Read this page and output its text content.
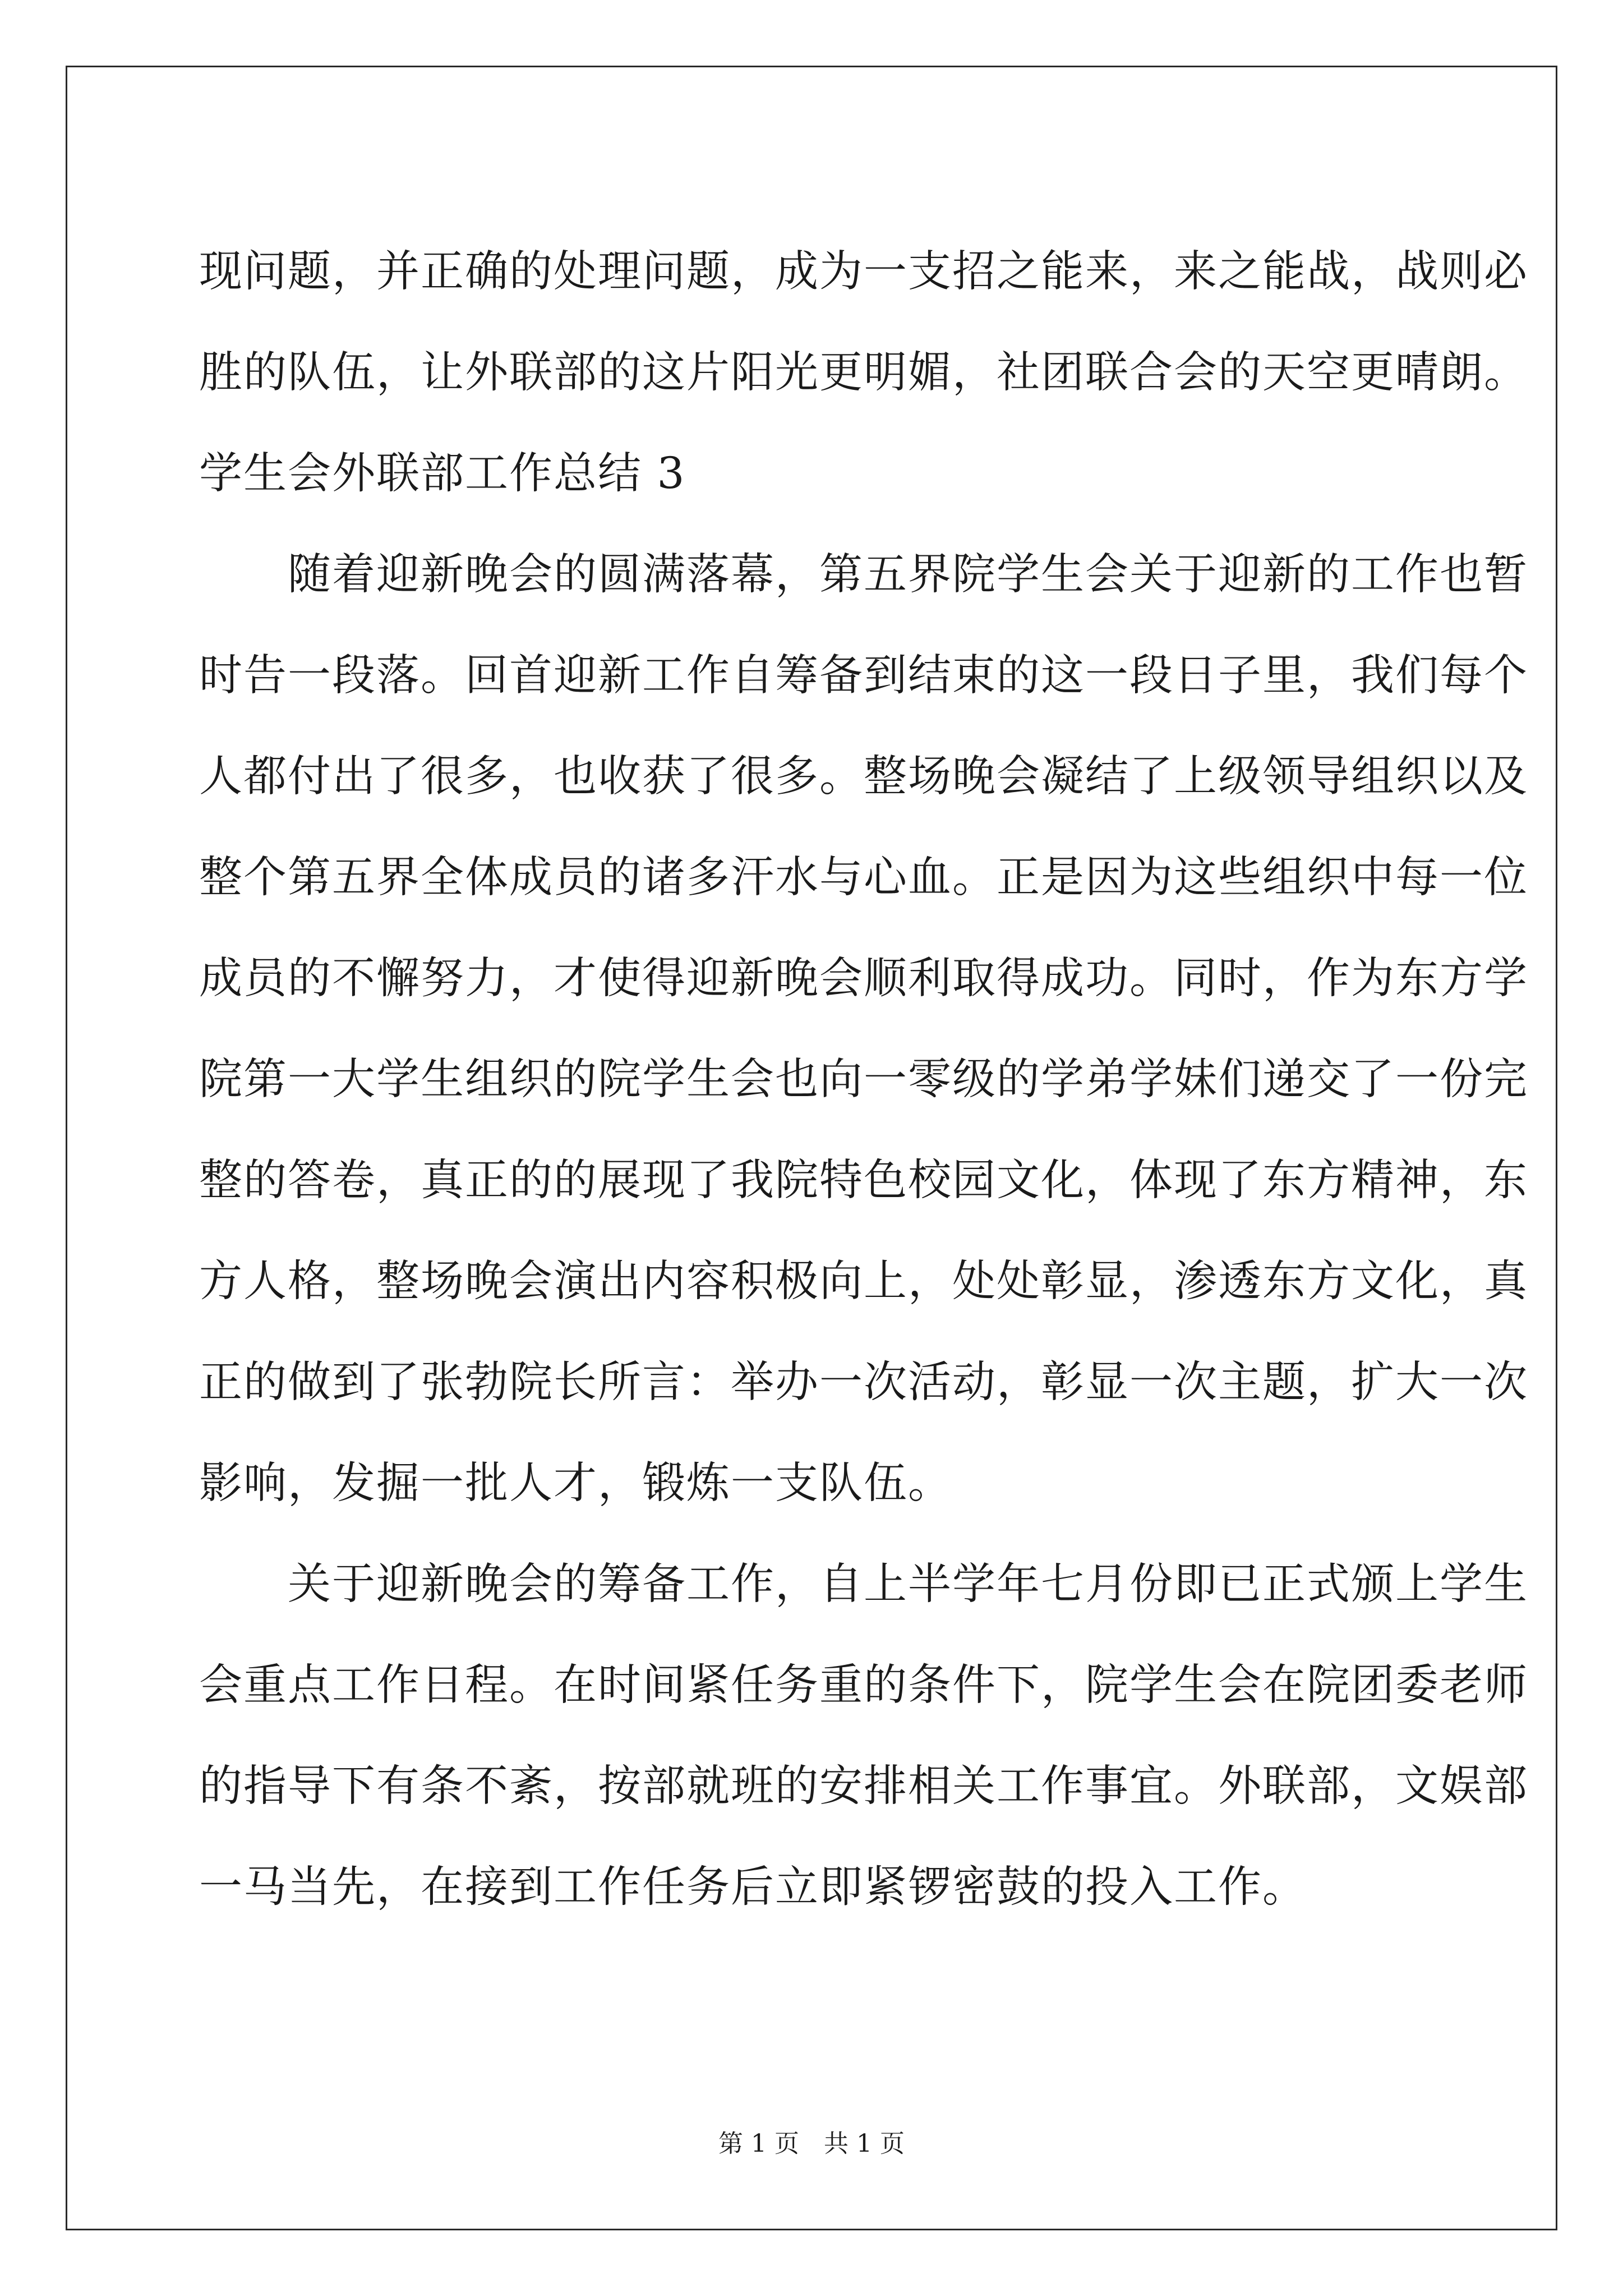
现问题，并正确的处理问题，成为一支招之能来，来之能战，战则必
胜的队伍，让外联部的这片阳光更明媚，社团联合会的天空更晴朗。
学生会外联部工作总结 3
　　随着迎新晚会的圆满落幕，第五界院学生会关于迎新的工作也暂
时告一段落。回首迎新工作自筹备到结束的这一段日子里，我们每个
人都付出了很多，也收获了很多。整场晚会凝结了上级领导组织以及
整个第五界全体成员的诸多汗水与心血。正是因为这些组织中每一位
成员的不懈努力，才使得迎新晚会顺利取得成功。同时，作为东方学
院第一大学生组织的院学生会也向一零级的学弟学妹们递交了一份完
整的答卷，真正的的展现了我院特色校园文化，体现了东方精神，东
方人格，整场晚会演出内容积极向上，处处彰显，渗透东方文化，真
正的做到了张勃院长所言：举办一次活动，彰显一次主题，扩大一次
影响，发掘一批人才，锻炼一支队伍。
　　关于迎新晚会的筹备工作，自上半学年七月份即已正式颁上学生
会重点工作日程。在时间紧任务重的条件下，院学生会在院团委老师
的指导下有条不紊，按部就班的安排相关工作事宜。外联部，文娱部
一马当先，在接到工作任务后立即紧锣密鼓的投入工作。
第 1 页　共 1 页
